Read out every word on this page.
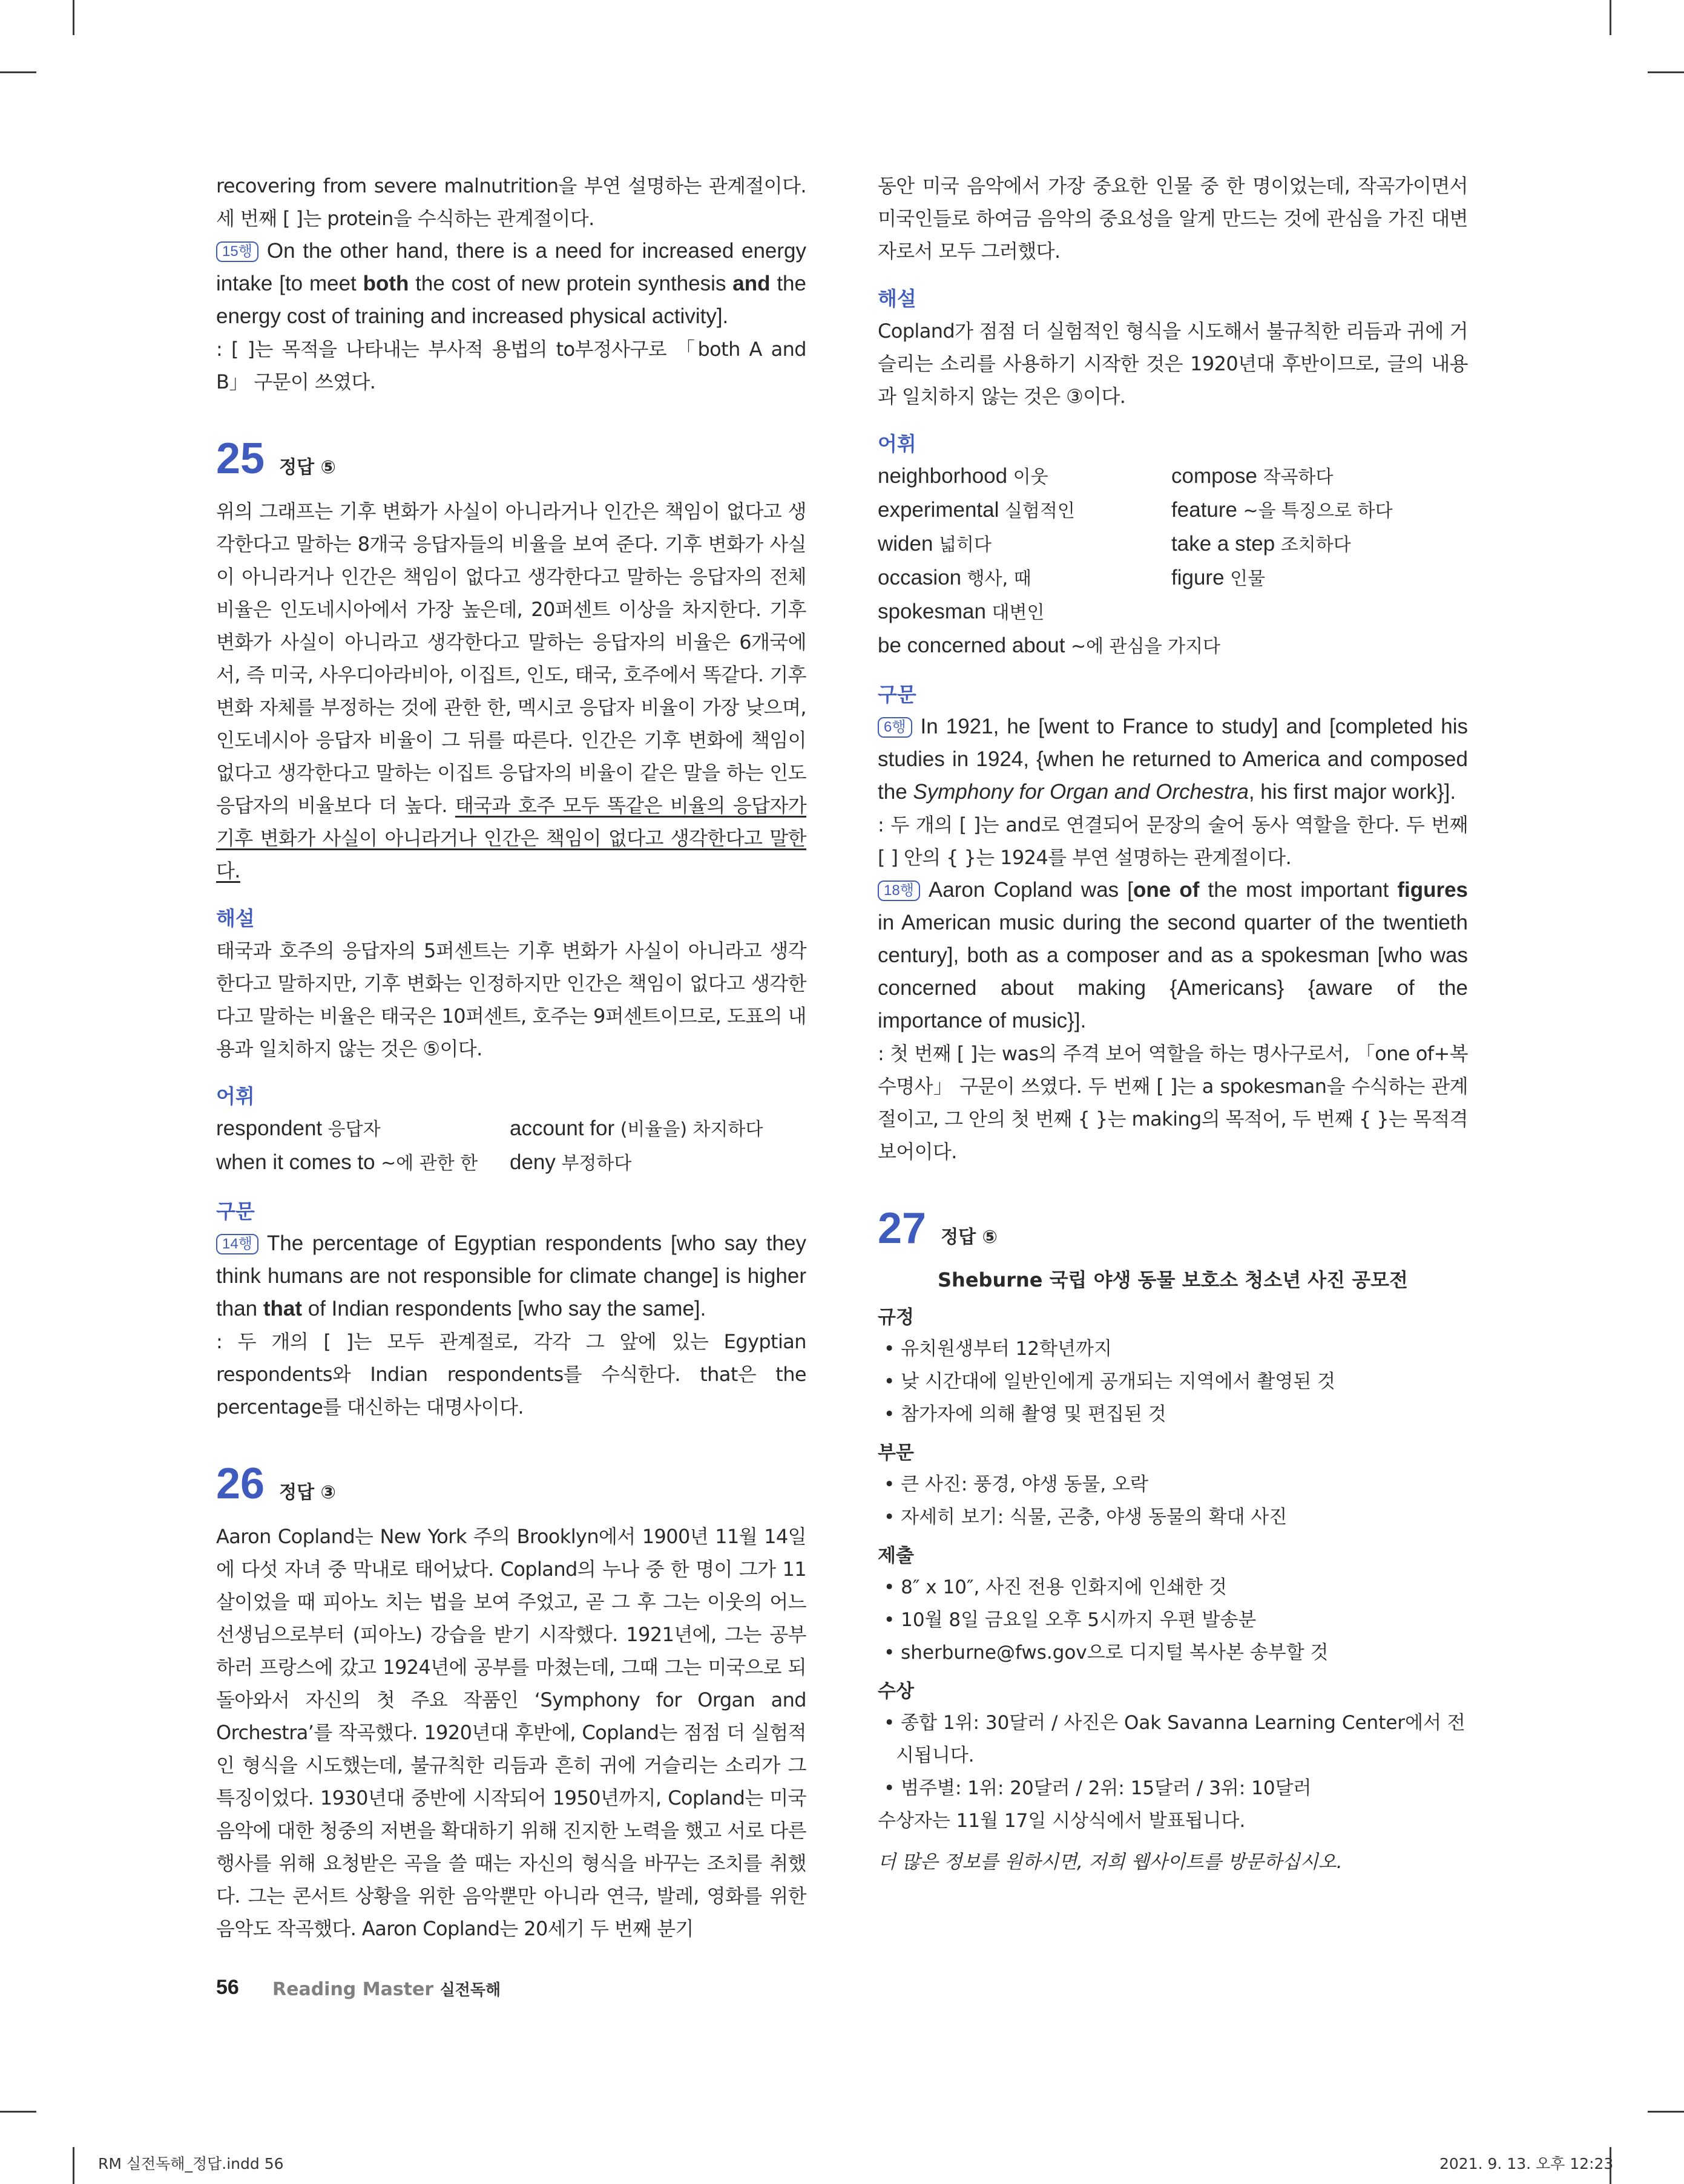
recovering from severe malnutrition을 부연 설명하는 관계절이다. 세 번째 [ ]는 protein을 수식하는 관계절이다.

15행 On the other hand, there is a need for increased energy intake [to meet both the cost of new protein synthesis and the energy cost of training and increased physical activity].

: [ ]는 목적을 나타내는 부사적 용법의 to부정사구로 「both A and B」 구문이 쓰였다.

25 정답 ⑤

위의 그래프는 기후 변화가 사실이 아니라거나 인간은 책임이 없다고 생각한다고 말하는 8개국 응답자들의 비율을 보여 준다. 기후 변화가 사실이 아니라거나 인간은 책임이 없다고 생각한다고 말하는 응답자의 전체 비율은 인도네시아에서 가장 높은데, 20퍼센트 이상을 차지한다. 기후 변화가 사실이 아니라고 생각한다고 말하는 응답자의 비율은 6개국에서, 즉 미국, 사우디아라비아, 이집트, 인도, 태국, 호주에서 똑같다. 기후 변화 자체를 부정하는 것에 관한 한, 멕시코 응답자 비율이 가장 낮으며, 인도네시아 응답자 비율이 그 뒤를 따른다. 인간은 기후 변화에 책임이 없다고 생각한다고 말하는 이집트 응답자의 비율이 같은 말을 하는 인도 응답자의 비율보다 더 높다. 태국과 호주 모두 똑같은 비율의 응답자가 기후 변화가 사실이 아니라거나 인간은 책임이 없다고 생각한다고 말한다.

해설

태국과 호주의 응답자의 5퍼센트는 기후 변화가 사실이 아니라고 생각한다고 말하지만, 기후 변화는 인정하지만 인간은 책임이 없다고 생각한다고 말하는 비율은 태국은 10퍼센트, 호주는 9퍼센트이므로, 도표의 내용과 일치하지 않는 것은 ⑤이다.

어휘
respondent 응답자	account for (비율을) 차지하다
when it comes to ~에 관한 한	deny 부정하다
구문

14행 The percentage of Egyptian respondents [who say they think humans are not responsible for climate change] is higher than that of Indian respondents [who say the same].

: 두 개의 [ ]는 모두 관계절로, 각각 그 앞에 있는 Egyptian respondents와 Indian respondents를 수식한다. that은 the percentage를 대신하는 대명사이다.

26 정답 ③

Aaron Copland는 New York 주의 Brooklyn에서 1900년 11월 14일에 다섯 자녀 중 막내로 태어났다. Copland의 누나 중 한 명이 그가 11살이었을 때 피아노 치는 법을 보여 주었고, 곧 그 후 그는 이웃의 어느 선생님으로부터 (피아노) 강습을 받기 시작했다. 1921년에, 그는 공부하러 프랑스에 갔고 1924년에 공부를 마쳤는데, 그때 그는 미국으로 되돌아와서 자신의 첫 주요 작품인 ‘Symphony for Organ and Orchestra’를 작곡했다. 1920년대 후반에, Copland는 점점 더 실험적인 형식을 시도했는데, 불규칙한 리듬과 흔히 귀에 거슬리는 소리가 그 특징이었다. 1930년대 중반에 시작되어 1950년까지, Copland는 미국 음악에 대한 청중의 저변을 확대하기 위해 진지한 노력을 했고 서로 다른 행사를 위해 요청받은 곡을 쓸 때는 자신의 형식을 바꾸는 조치를 취했다. 그는 콘서트 상황을 위한 음악뿐만 아니라 연극, 발레, 영화를 위한 음악도 작곡했다. Aaron Copland는 20세기 두 번째 분기

동안 미국 음악에서 가장 중요한 인물 중 한 명이었는데, 작곡가이면서 미국인들로 하여금 음악의 중요성을 알게 만드는 것에 관심을 가진 대변자로서 모두 그러했다.

해설

Copland가 점점 더 실험적인 형식을 시도해서 불규칙한 리듬과 귀에 거슬리는 소리를 사용하기 시작한 것은 1920년대 후반이므로, 글의 내용과 일치하지 않는 것은 ③이다.

어휘
neighborhood 이웃	compose 작곡하다
experimental 실험적인	feature ~을 특징으로 하다
widen 넓히다	take a step 조치하다
occasion 행사, 때	figure 인물
spokesman 대변인
be concerned about ~에 관심을 가지다
구문

6행 In 1921, he [went to France to study] and [completed his studies in 1924, {when he returned to America and composed the Symphony for Organ and Orchestra, his first major work}].

: 두 개의 [ ]는 and로 연결되어 문장의 술어 동사 역할을 한다. 두 번째 [ ] 안의 { }는 1924를 부연 설명하는 관계절이다.

18행 Aaron Copland was [one of the most important figures in American music during the second quarter of the twentieth century], both as a composer and as a spokesman [who was concerned about making {Americans} {aware of the importance of music}].

: 첫 번째 [ ]는 was의 주격 보어 역할을 하는 명사구로서, 「one of+복수명사」 구문이 쓰였다. 두 번째 [ ]는 a spokesman을 수식하는 관계절이고, 그 안의 첫 번째 { }는 making의 목적어, 두 번째 { }는 목적격 보어이다.

27 정답 ⑤
Sheburne 국립 야생 동물 보호소 청소년 사진 공모전
규정
• 유치원생부터 12학년까지
• 낮 시간대에 일반인에게 공개되는 지역에서 촬영된 것
• 참가자에 의해 촬영 및 편집된 것
부문
• 큰 사진: 풍경, 야생 동물, 오락
• 자세히 보기: 식물, 곤충, 야생 동물의 확대 사진
제출
• 8″ x 10″, 사진 전용 인화지에 인쇄한 것
• 10월 8일 금요일 오후 5시까지 우편 발송분
• sherburne@fws.gov으로 디지털 복사본 송부할 것
수상
• 종합 1위: 30달러 / 사진은 Oak Savanna Learning Center에서 전시됩니다.
• 범주별: 1위: 20달러 / 2위: 15달러 / 3위: 10달러
수상자는 11월 17일 시상식에서 발표됩니다.
더 많은 정보를 원하시면, 저희 웹사이트를 방문하십시오.
56 Reading Master 실전독해
RM 실전독해_정답.indd 56	2021. 9. 13. 오후 12:23
